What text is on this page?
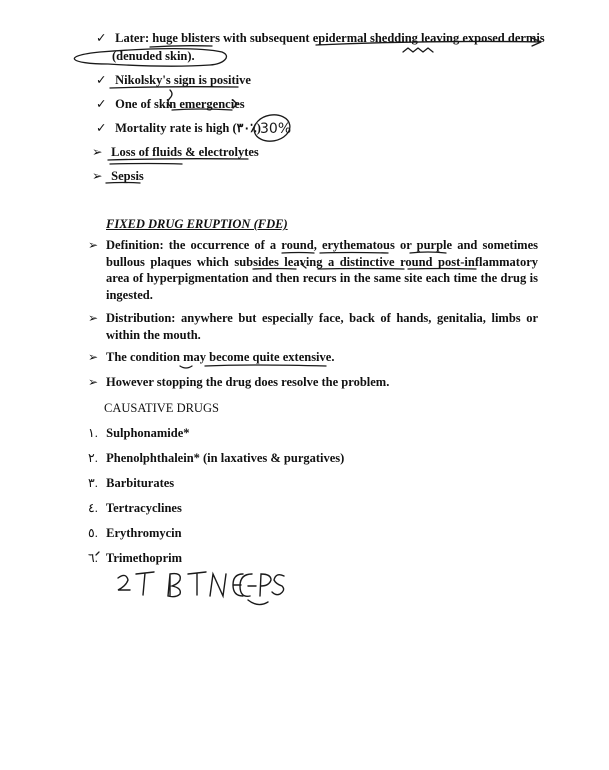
✓ Later: huge blisters with subsequent epidermal shedding leaving exposed dermis
(denuded skin).
✓ Nikolsky's sign is positive
✓ One of skin emergencies
✓ Mortality rate is high (٣٠٪)
➢ Loss of fluids & electrolytes
➢ Sepsis
FIXED DRUG ERUPTION (FDE)
➢ Definition: the occurrence of a round, erythematous or purple and sometimes bullous plaques which subsides leaving a distinctive round post-inflammatory area of hyperpigmentation and then recurs in the same site each time the drug is ingested.
➢ Distribution: anywhere but especially face, back of hands, genitalia, limbs or within the mouth.
➢ The condition may become quite extensive.
➢ However stopping the drug does resolve the problem.
CAUSATIVE DRUGS
١. Sulphonamide*
٢. Phenolphthalein* (in laxatives & purgatives)
٣. Barbiturates
٤. Tertracyclines
٥. Erythromycin
٦. Trimethoprim
30%
